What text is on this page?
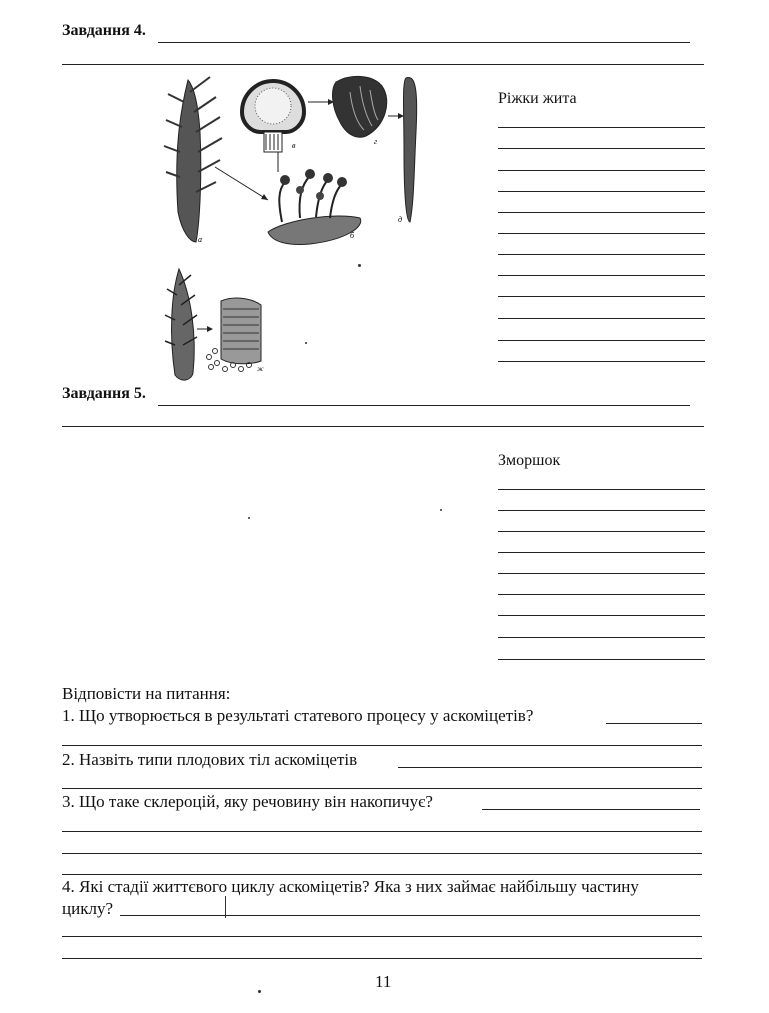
Завдання 4.
а	б
в	г
д
ж
Ріжки жита
Завдання 5.
Зморшок
Відповісти на питання:
1. Що утворюється в результаті статевого процесу у аскоміцетів?
2. Назвіть типи плодових тіл аскоміцетів
3. Що таке склероцій, яку речовину він накопичує?
4. Які стадії життєвого циклу аскоміцетів? Яка з них займає найбільшу частину
циклу?
11
